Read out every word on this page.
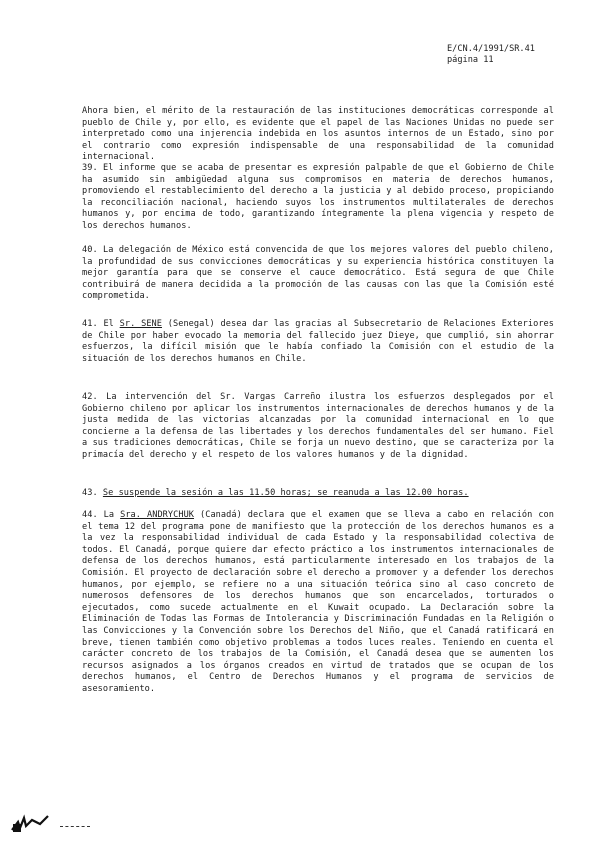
E/CN.4/1991/SR.41
página 11
Ahora bien, el mérito de la restauración de las instituciones democráticas corresponde al pueblo de Chile y, por ello, es evidente que el papel de las Naciones Unidas no puede ser interpretado como una injerencia indebida en los asuntos internos de un Estado, sino por el contrario como expresión indispensable de una responsabilidad de la comunidad internacional.
39. El informe que se acaba de presentar es expresión palpable de que el Gobierno de Chile ha asumido sin ambigüedad alguna sus compromisos en materia de derechos humanos, promoviendo el restablecimiento del derecho a la justicia y al debido proceso, propiciando la reconciliación nacional, haciendo suyos los instrumentos multilaterales de derechos humanos y, por encima de todo, garantizando íntegramente la plena vigencia y respeto de los derechos humanos.
40. La delegación de México está convencida de que los mejores valores del pueblo chileno, la profundidad de sus convicciones democráticas y su experiencia histórica constituyen la mejor garantía para que se conserve el cauce democrático. Está segura de que Chile contribuirá de manera decidida a la promoción de las causas con las que la Comisión esté comprometida.
41. El Sr. SENE (Senegal) desea dar las gracias al Subsecretario de Relaciones Exteriores de Chile por haber evocado la memoria del fallecido juez Dieye, que cumplió, sin ahorrar esfuerzos, la difícil misión que le había confiado la Comisión con el estudio de la situación de los derechos humanos en Chile.
42. La intervención del Sr. Vargas Carreño ilustra los esfuerzos desplegados por el Gobierno chileno por aplicar los instrumentos internacionales de derechos humanos y de la justa medida de las victorias alcanzadas por la comunidad internacional en lo que concierne a la defensa de las libertades y los derechos fundamentales del ser humano. Fiel a sus tradiciones democráticas, Chile se forja un nuevo destino, que se caracteriza por la primacía del derecho y el respeto de los valores humanos y de la dignidad.
43. Se suspende la sesión a las 11.50 horas; se reanuda a las 12.00 horas.
44. La Sra. ANDRYCHUK (Canadá) declara que el examen que se lleva a cabo en relación con el tema 12 del programa pone de manifiesto que la protección de los derechos humanos es a la vez la responsabilidad individual de cada Estado y la responsabilidad colectiva de todos. El Canadá, porque quiere dar efecto práctico a los instrumentos internacionales de defensa de los derechos humanos, está particularmente interesado en los trabajos de la Comisión. El proyecto de declaración sobre el derecho a promover y a defender los derechos humanos, por ejemplo, se refiere no a una situación teórica sino al caso concreto de numerosos defensores de los derechos humanos que son encarcelados, torturados o ejecutados, como sucede actualmente en el Kuwait ocupado. La Declaración sobre la Eliminación de Todas las Formas de Intolerancia y Discriminación Fundadas en la Religión o las Convicciones y la Convención sobre los Derechos del Niño, que el Canadá ratificará en breve, tienen también como objetivo problemas a todos luces reales. Teniendo en cuenta el carácter concreto de los trabajos de la Comisión, el Canadá desea que se aumenten los recursos asignados a los órganos creados en virtud de tratados que se ocupan de los derechos humanos, el Centro de Derechos Humanos y el programa de servicios de asesoramiento.
